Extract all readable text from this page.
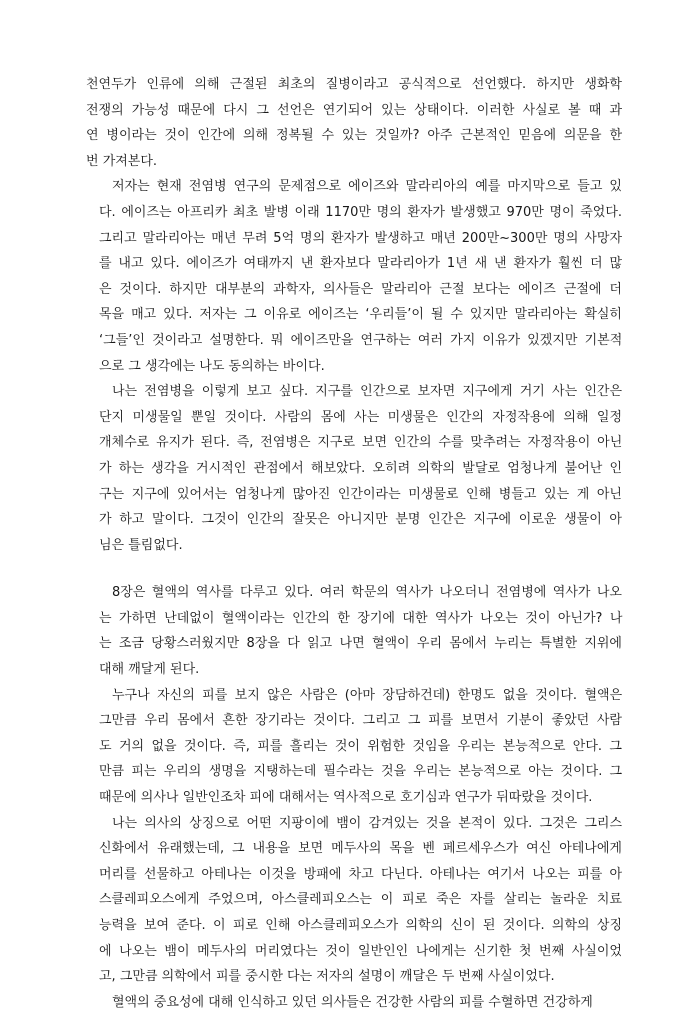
천연두가 인류에 의해 근절된 최초의 질병이라고 공식적으로 선언했다. 하지만 생화학
전쟁의 가능성 때문에 다시 그 선언은 연기되어 있는 상태이다. 이러한 사실로 볼 때 과
연 병이라는 것이 인간에 의해 정복될 수 있는 것일까? 아주 근본적인 믿음에 의문을 한
번 가져본다.
저자는 현재 전염병 연구의 문제점으로 에이즈와 말라리아의 예를 마지막으로 들고 있
다. 에이즈는 아프리카 최초 발병 이래 1170만 명의 환자가 발생했고 970만 명이 죽었다.
그리고 말라리아는 매년 무려 5억 명의 환자가 발생하고 매년 200만~300만 명의 사망자
를 내고 있다. 에이즈가 여태까지 낸 환자보다 말라리아가 1년 새 낸 환자가 훨씬 더 많
은 것이다. 하지만 대부분의 과학자, 의사들은 말라리아 근절 보다는 에이즈 근절에 더
목을 매고 있다. 저자는 그 이유로 에이즈는 ‘우리들’이 될 수 있지만 말라리아는 확실히
‘그들’인 것이라고 설명한다. 뭐 에이즈만을 연구하는 여러 가지 이유가 있겠지만 기본적
으로 그 생각에는 나도 동의하는 바이다.
나는 전염병을 이렇게 보고 싶다. 지구를 인간으로 보자면 지구에게 거기 사는 인간은
단지 미생물일 뿐일 것이다. 사람의 몸에 사는 미생물은 인간의 자정작용에 의해 일정
개체수로 유지가 된다. 즉, 전염병은 지구로 보면 인간의 수를 맞추려는 자정작용이 아닌
가 하는 생각을 거시적인 관점에서 해보았다. 오히려 의학의 발달로 엄청나게 불어난 인
구는 지구에 있어서는 엄청나게 많아진 인간이라는 미생물로 인해 병들고 있는 게 아닌
가 하고 말이다. 그것이 인간의 잘못은 아니지만 분명 인간은 지구에 이로운 생물이 아
님은 틀림없다.
8장은 혈액의 역사를 다루고 있다. 여러 학문의 역사가 나오더니 전염병에 역사가 나오
는 가하면 난데없이 혈액이라는 인간의 한 장기에 대한 역사가 나오는 것이 아닌가? 나
는 조금 당황스러웠지만 8장을 다 읽고 나면 혈액이 우리 몸에서 누리는 특별한 지위에
대해 깨달게 된다.
누구나 자신의 피를 보지 않은 사람은 (아마 장담하건데) 한명도 없을 것이다. 혈액은
그만큼 우리 몸에서 흔한 장기라는 것이다. 그리고 그 피를 보면서 기분이 좋았던 사람
도 거의 없을 것이다. 즉, 피를 흘리는 것이 위험한 것임을 우리는 본능적으로 안다. 그
만큼 피는 우리의 생명을 지탱하는데 필수라는 것을 우리는 본능적으로 아는 것이다. 그
때문에 의사나 일반인조차 피에 대해서는 역사적으로 호기심과 연구가 뒤따랐을 것이다.
나는 의사의 상징으로 어떤 지팡이에 뱀이 감겨있는 것을 본적이 있다. 그것은 그리스
신화에서 유래했는데, 그 내용을 보면 메두사의 목을 벤 페르세우스가 여신 아테나에게
머리를 선물하고 아테나는 이것을 방패에 차고 다닌다. 아테나는 여기서 나오는 피를 아
스클레피오스에게 주었으며, 아스클레피오스는 이 피로 죽은 자를 살리는 놀라운 치료
능력을 보여 준다. 이 피로 인해 아스클레피오스가 의학의 신이 된 것이다. 의학의 상징
에 나오는 뱀이 메두사의 머리였다는 것이 일반인인 나에게는 신기한 첫 번째 사실이었
고, 그만큼 의학에서 피를 중시한 다는 저자의 설명이 깨달은 두 번째 사실이었다.
혈액의 중요성에 대해 인식하고 있던 의사들은 건강한 사람의 피를 수혈하면 건강하게
